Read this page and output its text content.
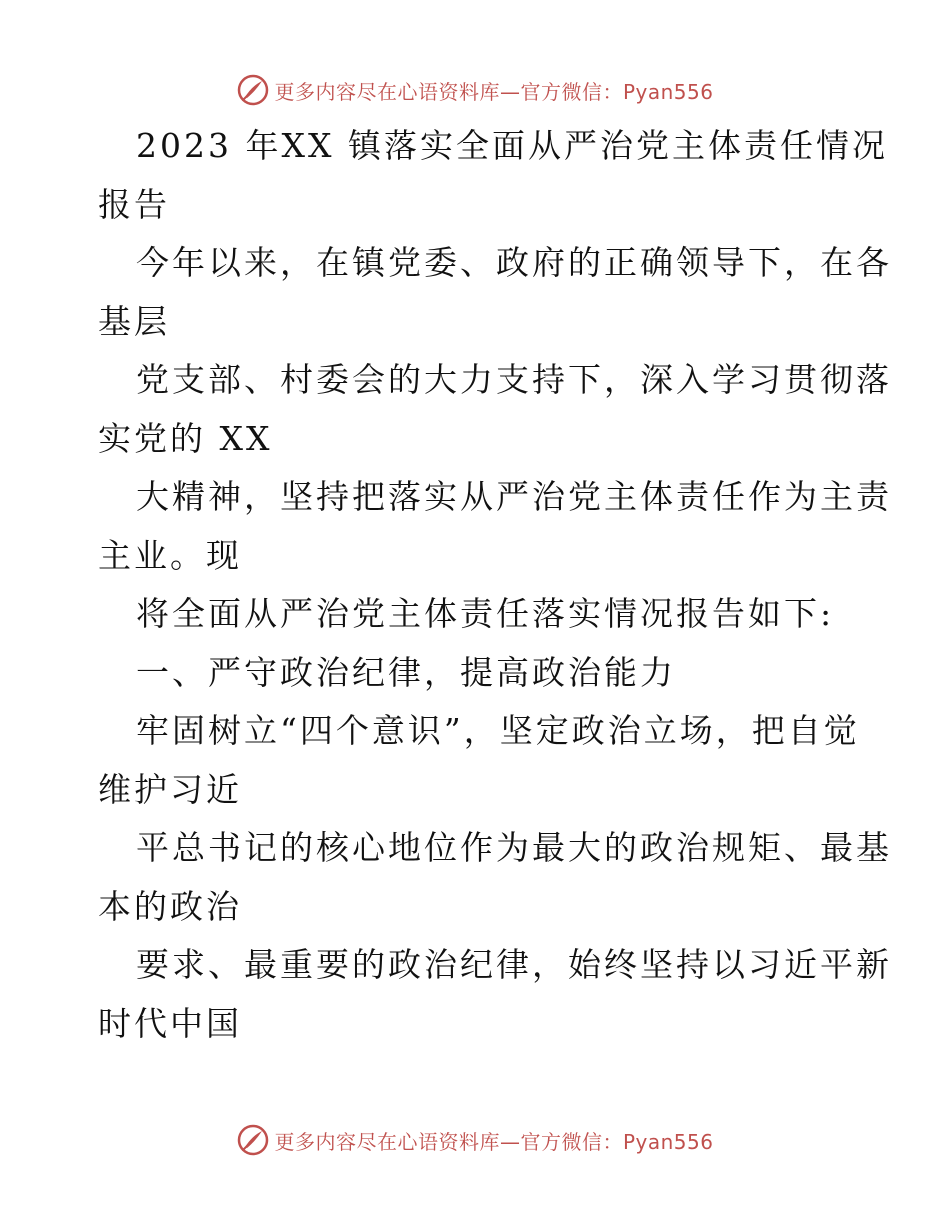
更多内容尽在心语资料库—官方微信：Pyan556
2023 年XX 镇落实全面从严治党主体责任情况
报告
今年以来，在镇党委、政府的正确领导下，在各
基层
党支部、村委会的大力支持下，深入学习贯彻落
实党的 XX
大精神，坚持把落实从严治党主体责任作为主责
主业。现
将全面从严治党主体责任落实情况报告如下:
一、严守政治纪律，提高政治能力
牢固树立“四个意识”，坚定政治立场，把自觉
维护习近
平总书记的核心地位作为最大的政治规矩、最基
本的政治
要求、最重要的政治纪律，始终坚持以习近平新
时代中国
更多内容尽在心语资料库—官方微信：Pyan556
